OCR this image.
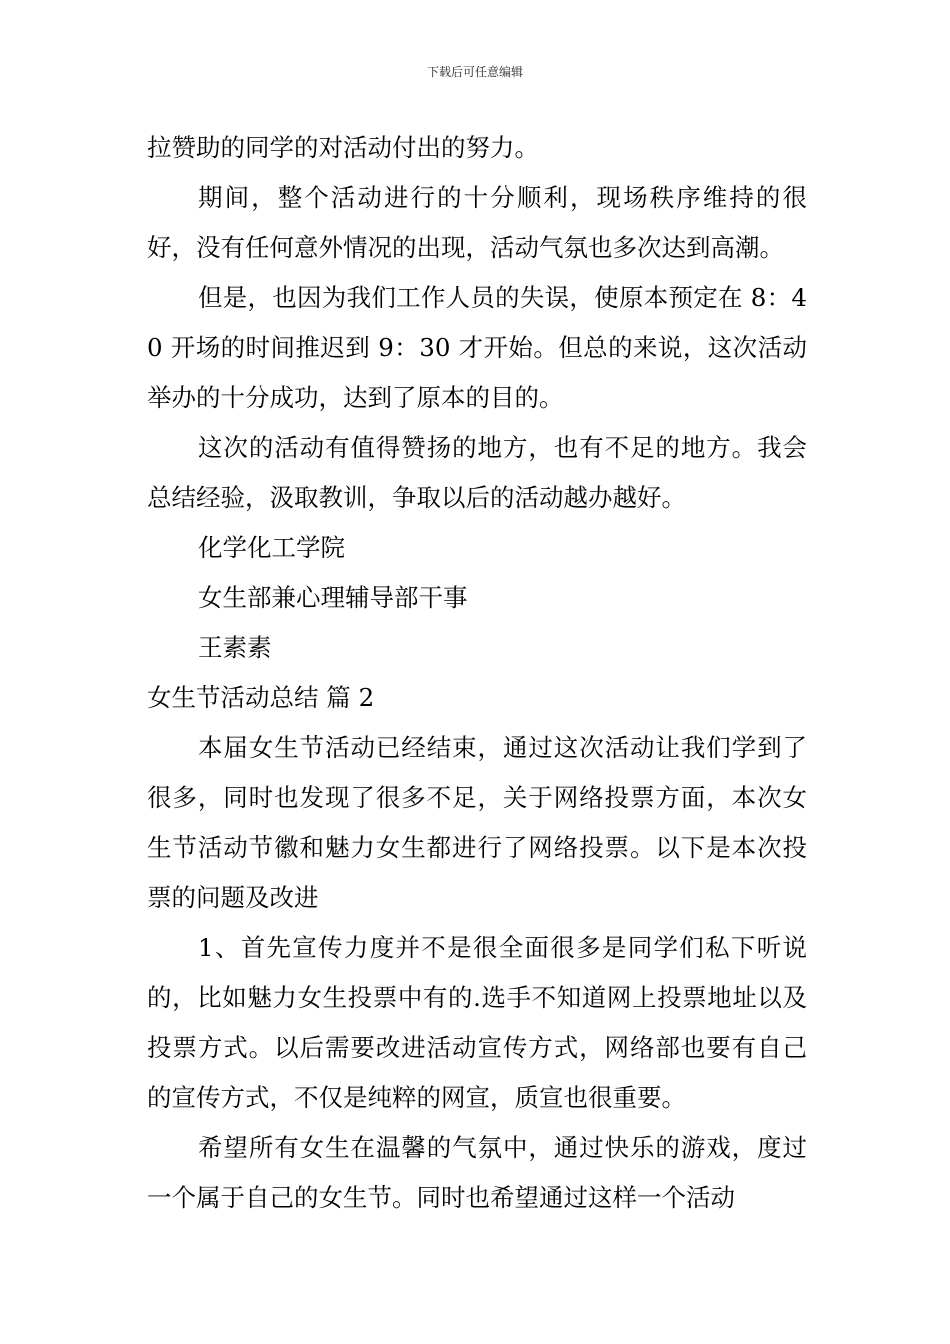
下载后可任意编辑

拉赞助的同学的对活动付出的努力。

期间，整个活动进行的十分顺利，现场秩序维持的很好，没有任何意外情况的出现，活动气氛也多次达到高潮。

但是，也因为我们工作人员的失误，使原本预定在 8：40 开场的时间推迟到 9：30 才开始。但总的来说，这次活动举办的十分成功，达到了原本的目的。

这次的活动有值得赞扬的地方，也有不足的地方。我会总结经验，汲取教训，争取以后的活动越办越好。

化学化工学院

女生部兼心理辅导部干事

王素素

女生节活动总结 篇 2

本届女生节活动已经结束，通过这次活动让我们学到了很多，同时也发现了很多不足，关于网络投票方面，本次女生节活动节徽和魅力女生都进行了网络投票。以下是本次投票的问题及改进

1、首先宣传力度并不是很全面很多是同学们私下听说的，比如魅力女生投票中有的.选手不知道网上投票地址以及投票方式。以后需要改进活动宣传方式，网络部也要有自己的宣传方式，不仅是纯粹的网宣，质宣也很重要。

希望所有女生在温馨的气氛中，通过快乐的游戏，度过一个属于自己的女生节。同时也希望通过这样一个活动
